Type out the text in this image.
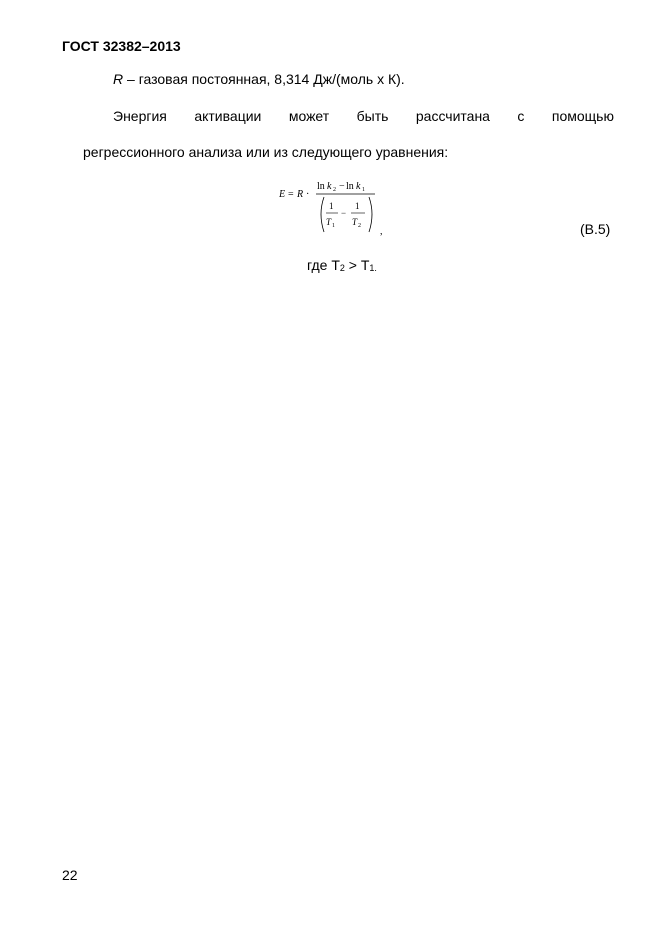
ГОСТ 32382–2013
R – газовая постоянная, 8,314 Дж/(моль х К).
Энергия активации может быть рассчитана с помощью
регрессионного анализа или из следующего уравнения:
E = R ·
ln k 2 − ln k 1
1
T 1
−
1
T 2 ,	(В.5)
где $Т_2 > Т_{1.}$
22
